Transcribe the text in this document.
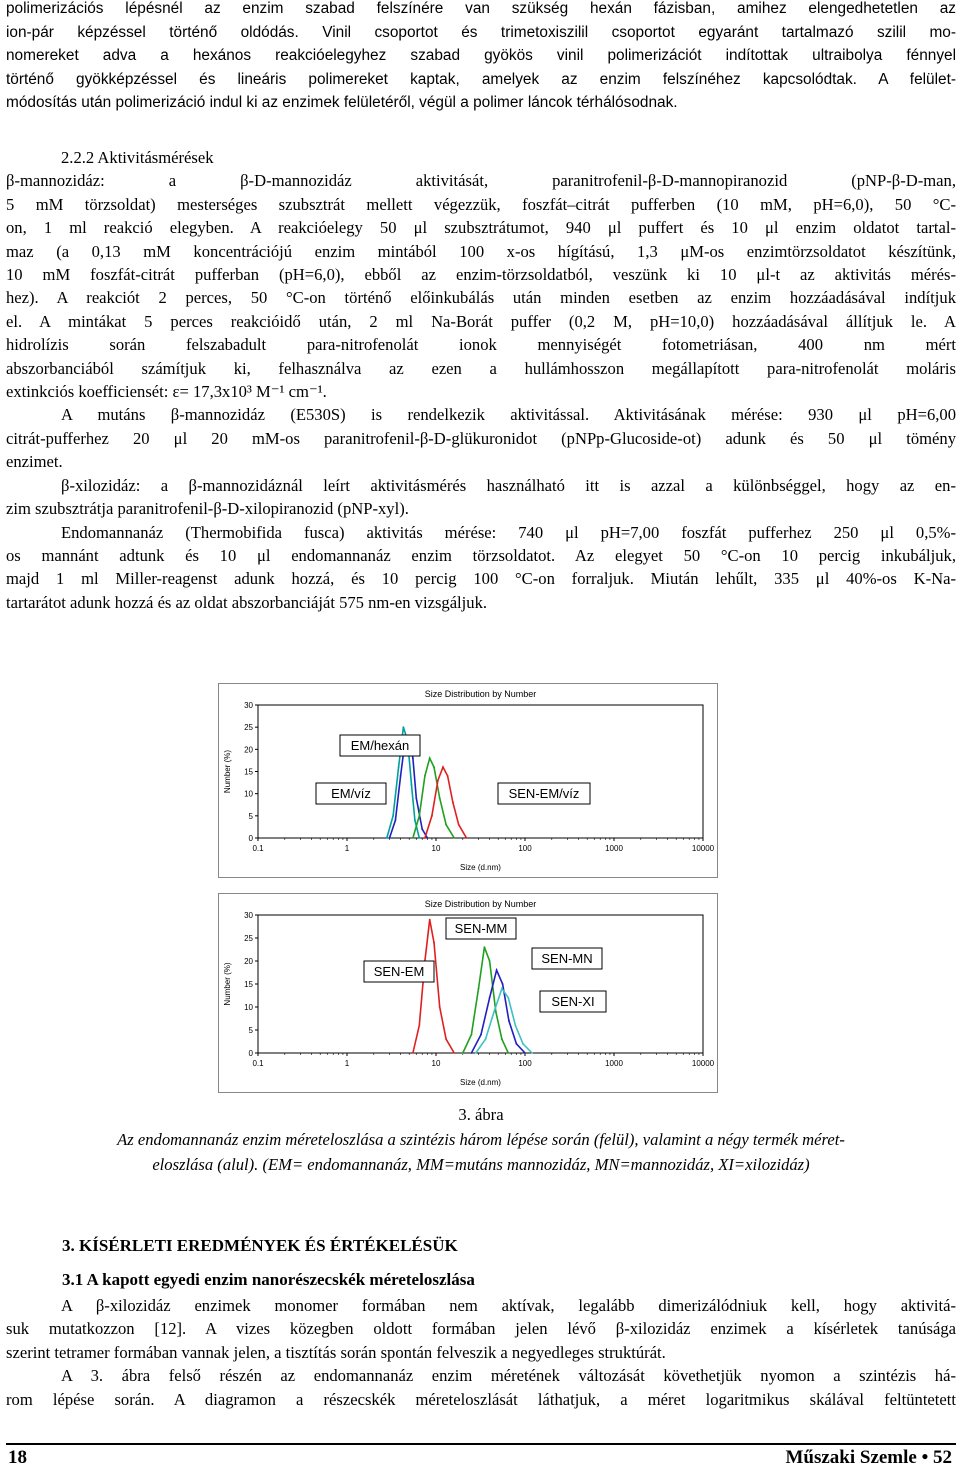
polimerizációs lépésnél az enzim szabad felszínére van szükség hexán fázisban, amihez elengedhetetlen az
ion-pár képzéssel történő oldódás. Vinil csoportot és trimetoxiszilil csoportot egyaránt tartalmazó szilil mo-
nomereket adva a hexános reakcióelegyhez szabad gyökös vinil polimerizációt indítottak ultraibolya fénnyel
történő gyökképzéssel és lineáris polimereket kaptak, amelyek az enzim felszínéhez kapcsolódtak. A felület-
módosítás után polimerizáció indul ki az enzimek felületéről, végül a polimer láncok térhálósodnak.
2.2.2 Aktivitásmérések
β-mannozidáz: a β-D-mannozidáz aktivitását, paranitrofenil-β-D-mannopiranozid (pNP-β-D-man,
5 mM törzsoldat) mesterséges szubsztrát mellett végezzük, foszfát–citrát pufferben (10 mM, pH=6,0), 50 °C-
on, 1 ml reakció elegyben. A reakcióelegy 50 μl szubsztrátumot, 940 μl puffert és 10 μl enzim oldatot tartal-
maz (a 0,13 mM koncentrációjú enzim mintából 100 x-os hígítású, 1,3 μM-os enzimtörzsoldatot készítünk,
10 mM foszfát-citrát pufferban (pH=6,0), ebből az enzim-törzsoldatból, veszünk ki 10 μl-t az aktivitás mérés-
hez). A reakciót 2 perces, 50 °C-on történő előinkubálás után minden esetben az enzim hozzáadásával indítjuk
el. A mintákat 5 perces reakcióidő után, 2 ml Na-Borát puffer (0,2 M, pH=10,0) hozzáadásával állítjuk le. A
hidrolízis során felszabadult para-nitrofenolát ionok mennyiségét fotometriásan, 400 nm mért
abszorbanciából számítjuk ki, felhasználva az ezen a hullámhosszon megállapított para-nitrofenolát moláris
extinkciós koefficiensét: ε= 17,3x10³ M⁻¹ cm⁻¹.
A mutáns β-mannozidáz (E530S) is rendelkezik aktivitással. Aktivitásának mérése: 930 μl pH=6,00
citrát-pufferhez 20 μl 20 mM-os paranitrofenil-β-D-glükuronidot (pNPp-Glucoside-ot) adunk és 50 μl tömény
enzimet.
β-xilozidáz: a β-mannozidáznál leírt aktivitásmérés használható itt is azzal a különbséggel, hogy az en-
zim szubsztrátja paranitrofenil-β-D-xilopiranozid (pNP-xyl).
Endomannanáz (Thermobifida fusca) aktivitás mérése: 740 μl pH=7,00 foszfát pufferhez 250 μl 0,5%-
os mannánt adtunk és 10 μl endomannanáz enzim törzsoldatot. Az elegyet 50 °C-on 10 percig inkubáljuk,
majd 1 ml Miller-reagenst adunk hozzá, és 10 percig 100 °C-on forraljuk. Miután lehűlt, 335 μl 40%-os K-Na-
tartarátot adunk hozzá és az oldat abszorbanciáját 575 nm-en vizsgáljuk.
Size Distribution by Number
0
5
10
15
20
25
30
0.1	1	10	100	1000	10000
Size (d.nm)
Number (%)
EM/hexán
EM/víz	SEN-EM/víz
Size Distribution by Number
0
5
10
15
20
25
30
0.1	1	10	100	1000	10000
Size (d.nm)
Number (%)
SEN-MM
SEN-EM
SEN-MN
SEN-XI
3. ábra
Az endomannanáz enzim méreteloszlása a szintézis három lépése során (felül), valamint a négy termék méret-
eloszlása (alul). (EM= endomannanáz, MM=mutáns mannozidáz, MN=mannozidáz, XI=xilozidáz)
3. KÍSÉRLETI EREDMÉNYEK ÉS ÉRTÉKELÉSÜK
3.1 A kapott egyedi enzim nanorészecskék méreteloszlása
A β-xilozidáz enzimek monomer formában nem aktívak, legalább dimerizálódniuk kell, hogy aktivitá-
suk mutatkozzon [12]. A vizes közegben oldott formában jelen lévő β-xilozidáz enzimek a kísérletek tanúsága
szerint tetramer formában vannak jelen, a tisztítás során spontán felveszik a negyedleges struktúrát.
A 3. ábra felső részén az endomannanáz enzim méretének változását követhetjük nyomon a szintézis há-
rom lépése során. A diagramon a részecskék méreteloszlását láthatjuk, a méret logaritmikus skálával feltüntetett
18	Műszaki Szemle • 52
